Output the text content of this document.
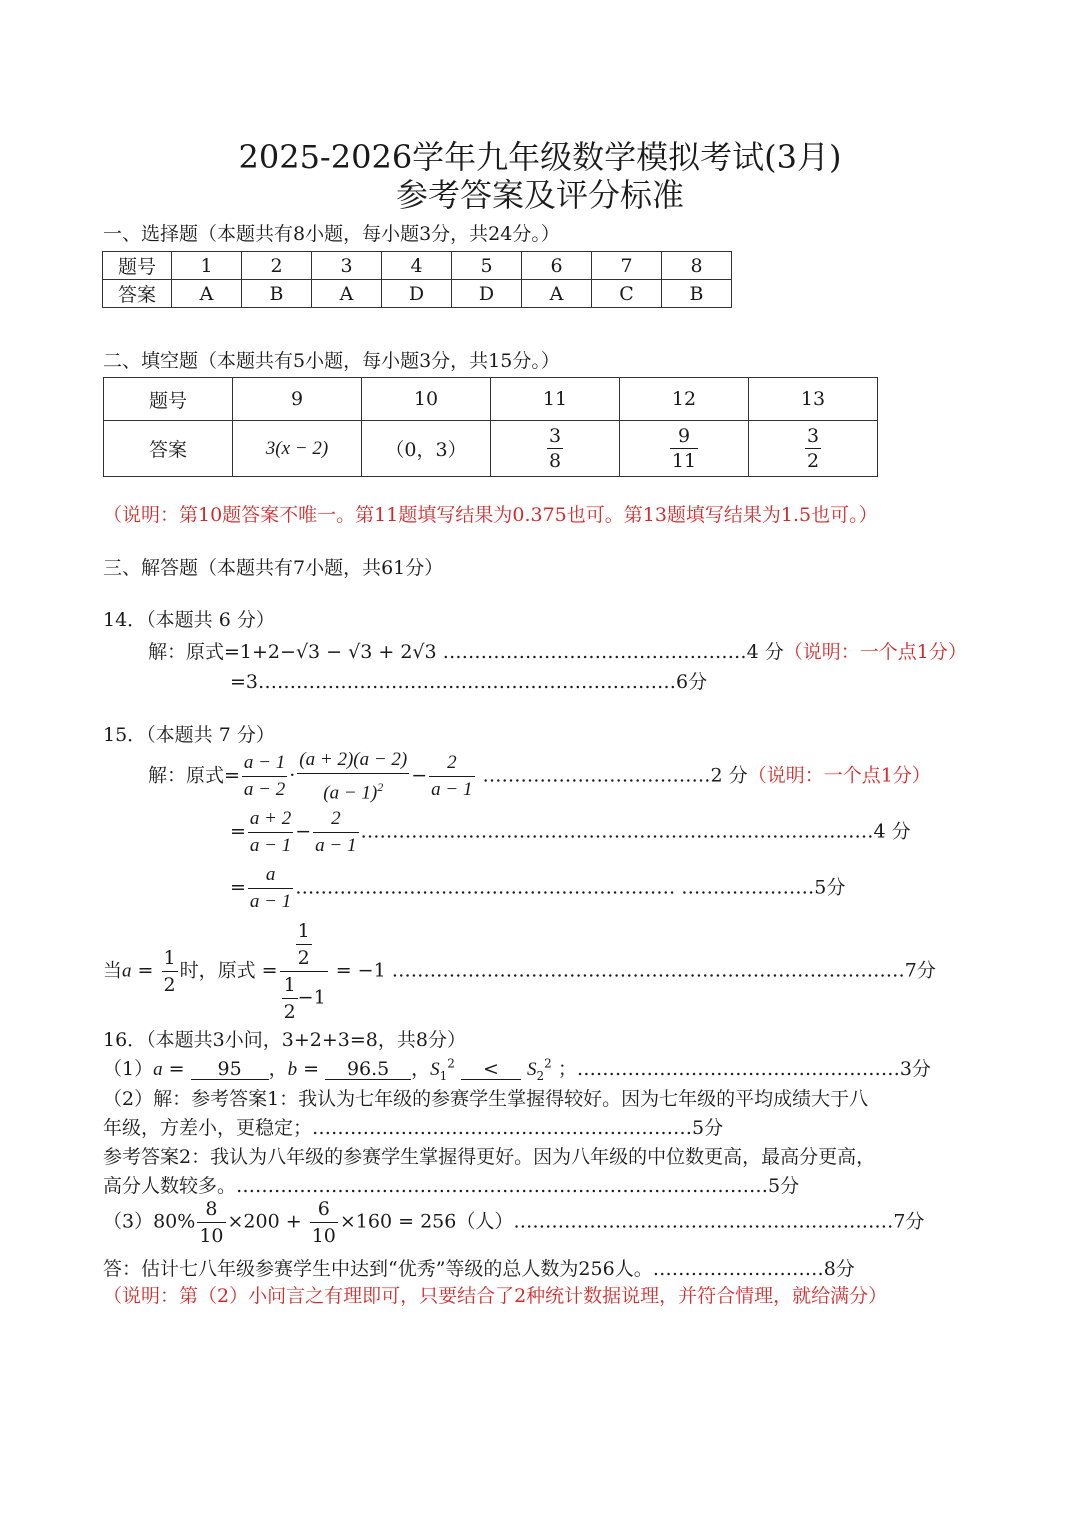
2025-2026学年九年级数学模拟考试(3月)
参考答案及评分标准
一、选择题（本题共有8小题，每小题3分，共24分。）
题号	1	2	3	4	5	6	7	8
答案	A	B	A	D	D	A	C	B
二、填空题（本题共有5小题，每小题3分，共15分。）
题号	9	10	11	12	13
答案	3(x − 2)	（0，3）	$\frac{3}{8}$	$\frac{9}{11}$	$\frac{3}{2}$
（说明：第10题答案不唯一。第11题填写结果为0.375也可。第13题填写结果为1.5也可。）
三、解答题（本题共有7小题，共61分）
14．（本题共 6 分）
解：原式=1+2−√3 − √3 + 2√3 …………………………………………4 分（说明：一个点1分）
=3…………………………………………………………6分
15．（本题共 7 分）
解：原式= $\frac{a - 1}{a - 2} \cdot \frac{(a + 2)(a - 2)}{(a - 1)^2} - \frac{2}{a - 1}$ ………………………………2 分（说明：一个点1分）
= $\frac{a + 2}{a - 1} - \frac{2}{a - 1}$ ………………………………………………………………………4 分
= $\frac{a}{a - 1}$ …………………………………………………… …………………5分
当$a = \frac{1}{2}$ 时，原式 = $\frac{\frac{1}{2}}{\frac{1}{2} -1} = -1$ ………………………………………………………………………7分
16．（本题共3小问，3+2+3=8，共8分）
（1）a = 95 ，b = 96.5 ，$S_1^2 < S_2^2$ ；……………………………………………3分
（2）解：参考答案1：我认为七年级的参赛学生掌握得较好。因为七年级的平均成绩大于八
年级，方差小，更稳定；……………………………………………………5分
参考答案2：我认为八年级的参赛学生掌握得更好。因为八年级的中位数更高，最高分更高，
高分人数较多。…………………………………………………………………………5分
$(3)80\% \frac{8}{10} \times 200 + \frac{6}{10} \times 160 = 256$（人）……………………………………………………7分
答：估计七八年级参赛学生中达到“优秀”等级的总人数为256人。………………………8分
（说明：第（2）小问言之有理即可，只要结合了2种统计数据说理，并符合情理，就给满分）
